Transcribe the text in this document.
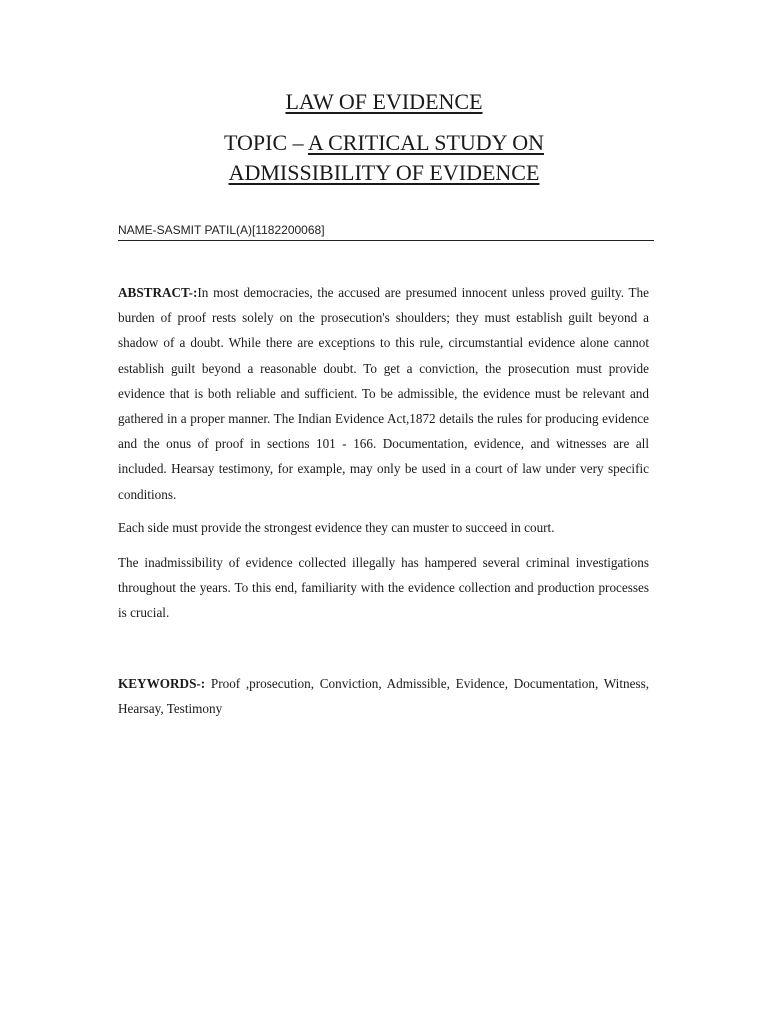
LAW OF EVIDENCE
TOPIC – A CRITICAL STUDY ON
ADMISSIBILITY OF EVIDENCE
NAME-SASMIT PATIL(A)[1182200068]

ABSTRACT-:In most democracies, the accused are presumed innocent unless proved guilty. The burden of proof rests solely on the prosecution's shoulders; they must establish guilt beyond a shadow of a doubt. While there are exceptions to this rule, circumstantial evidence alone cannot establish guilt beyond a reasonable doubt. To get a conviction, the prosecution must provide evidence that is both reliable and sufficient. To be admissible, the evidence must be relevant and gathered in a proper manner. The Indian Evidence Act,1872 details the rules for producing evidence and the onus of proof in sections 101 - 166. Documentation, evidence, and witnesses are all included. Hearsay testimony, for example, may only be used in a court of law under very specific conditions.

Each side must provide the strongest evidence they can muster to succeed in court.

The inadmissibility of evidence collected illegally has hampered several criminal investigations throughout the years. To this end, familiarity with the evidence collection and production processes is crucial.

KEYWORDS-: Proof ,prosecution, Conviction, Admissible, Evidence, Documentation, Witness, Hearsay, Testimony
